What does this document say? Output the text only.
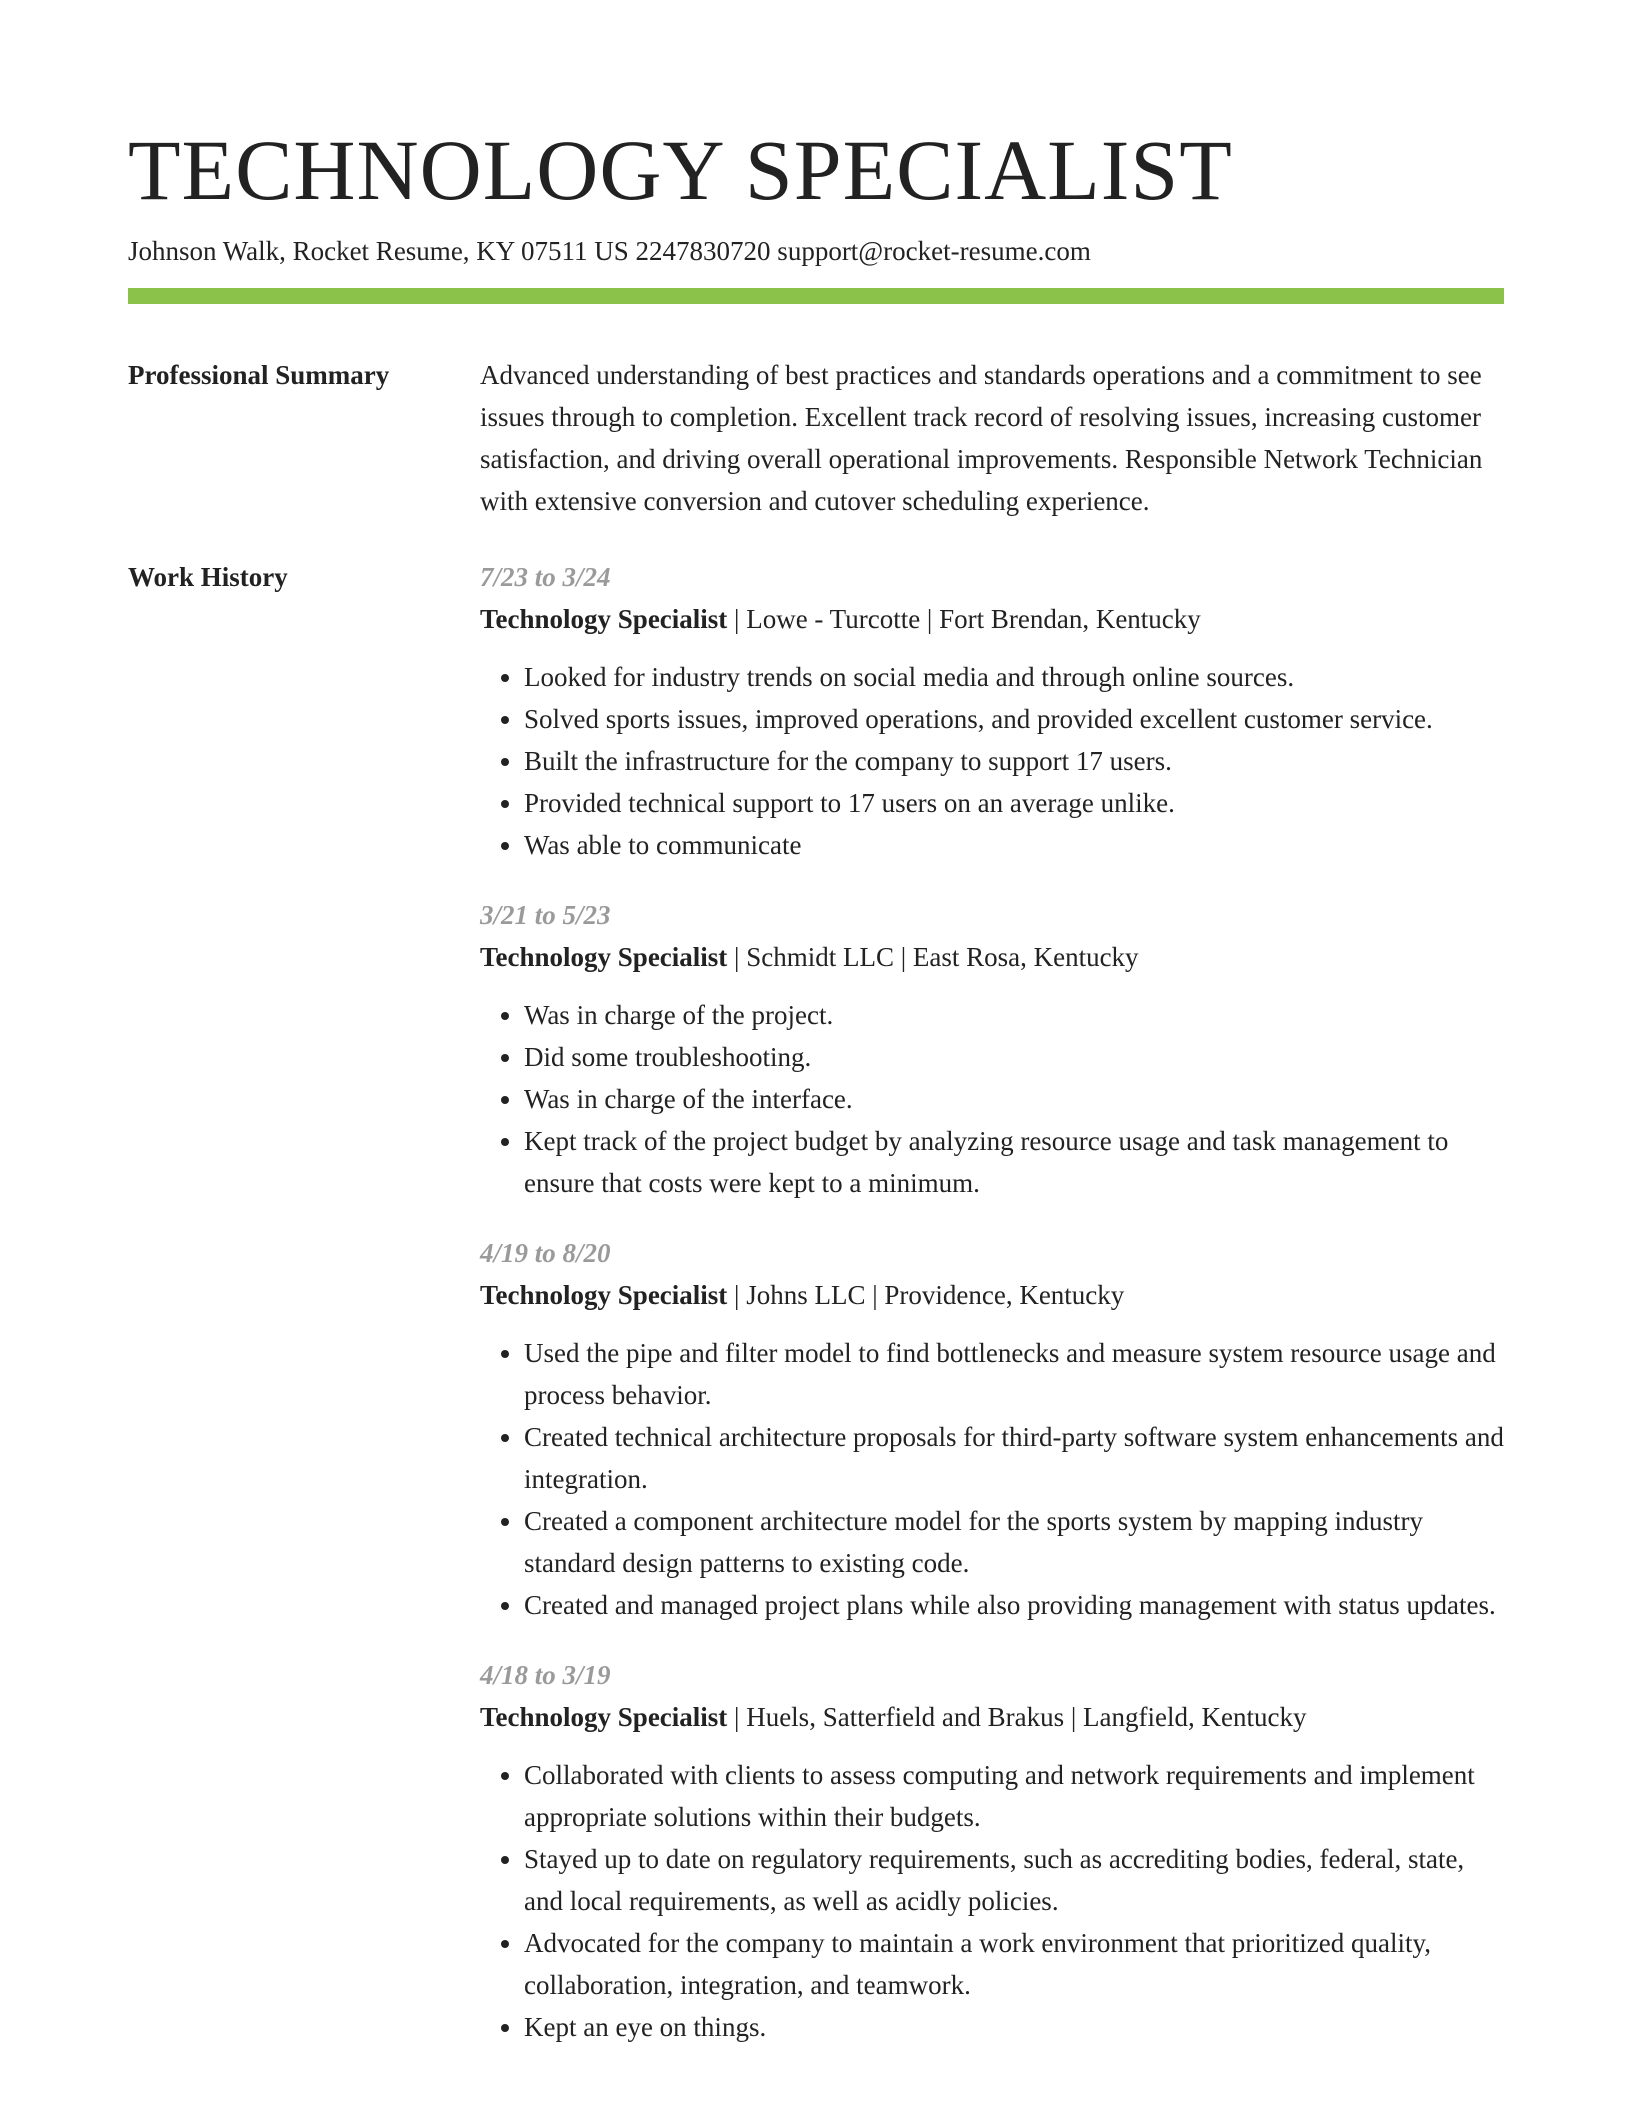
TECHNOLOGY SPECIALIST
Johnson Walk, Rocket Resume, KY 07511 US 2247830720 support@rocket-resume.com
Professional Summary	Advanced understanding of best practices and standards operations and a commitment to see issues through to completion. Excellent track record of resolving issues, increasing customer satisfaction, and driving overall operational improvements. Responsible Network Technician with extensive conversion and cutover scheduling experience.

Work History	7/23 to 3/24
Technology Specialist | Lowe - Turcotte | Fort Brendan, Kentucky
• Looked for industry trends on social media and through online sources.
• Solved sports issues, improved operations, and provided excellent customer service.
• Built the infrastructure for the company to support 17 users.
• Provided technical support to 17 users on an average unlike.
• Was able to communicate
3/21 to 5/23
Technology Specialist | Schmidt LLC | East Rosa, Kentucky
• Was in charge of the project.
• Did some troubleshooting.
• Was in charge of the interface.
• Kept track of the project budget by analyzing resource usage and task management to ensure that costs were kept to a minimum.
4/19 to 8/20
Technology Specialist | Johns LLC | Providence, Kentucky
• Used the pipe and filter model to find bottlenecks and measure system resource usage and process behavior.
• Created technical architecture proposals for third-party software system enhancements and integration.
• Created a component architecture model for the sports system by mapping industry standard design patterns to existing code.
• Created and managed project plans while also providing management with status updates.
4/18 to 3/19
Technology Specialist | Huels, Satterfield and Brakus | Langfield, Kentucky
• Collaborated with clients to assess computing and network requirements and implement appropriate solutions within their budgets.
• Stayed up to date on regulatory requirements, such as accrediting bodies, federal, state, and local requirements, as well as acidly policies.
• Advocated for the company to maintain a work environment that prioritized quality, collaboration, integration, and teamwork.
• Kept an eye on things.
